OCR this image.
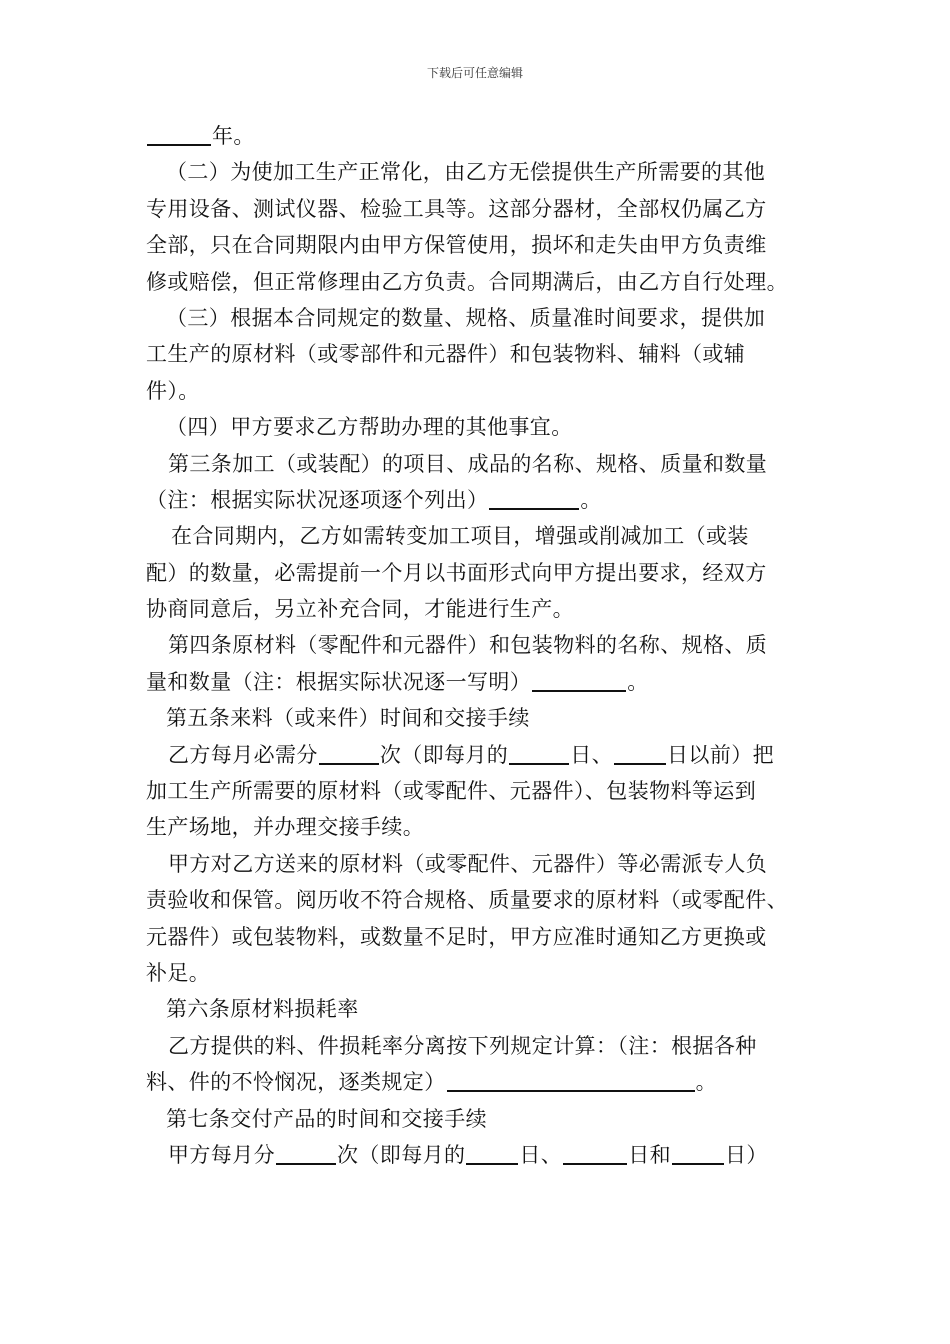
下载后可任意编辑
年。
（二）为使加工生产正常化，由乙方无偿提供生产所需要的其他
专用设备、测试仪器、检验工具等。这部分器材，全部权仍属乙方
全部，只在合同期限内由甲方保管使用，损坏和走失由甲方负责维
修或赔偿，但正常修理由乙方负责。合同期满后，由乙方自行处理。
（三）根据本合同规定的数量、规格、质量准时间要求，提供加
工生产的原材料（或零部件和元器件）和包装物料、辅料（或辅
件）。
（四）甲方要求乙方帮助办理的其他事宜。
第三条加工（或装配）的项目、成品的名称、规格、质量和数量
（注：根据实际状况逐项逐个列出）	。
在合同期内，乙方如需转变加工项目，增强或削减加工（或装
配）的数量，必需提前一个月以书面形式向甲方提出要求，经双方
协商同意后，另立补充合同，才能进行生产。
第四条原材料（零配件和元器件）和包装物料的名称、规格、质
量和数量（注：根据实际状况逐一写明）	。
第五条来料（或来件）时间和交接手续
乙方每月必需分	次（即每月的	日、	日以前）把
加工生产所需要的原材料（或零配件、元器件）、包装物料等运到
生产场地，并办理交接手续。
甲方对乙方送来的原材料（或零配件、元器件）等必需派专人负
责验收和保管。阅历收不符合规格、质量要求的原材料（或零配件、
元器件）或包装物料，或数量不足时，甲方应准时通知乙方更换或
补足。
第六条原材料损耗率
乙方提供的料、件损耗率分离按下列规定计算：（注：根据各种
料、件的不怜悯况，逐类规定）	。
第七条交付产品的时间和交接手续
甲方每月分	次（即每月的	日、	日和	日）
